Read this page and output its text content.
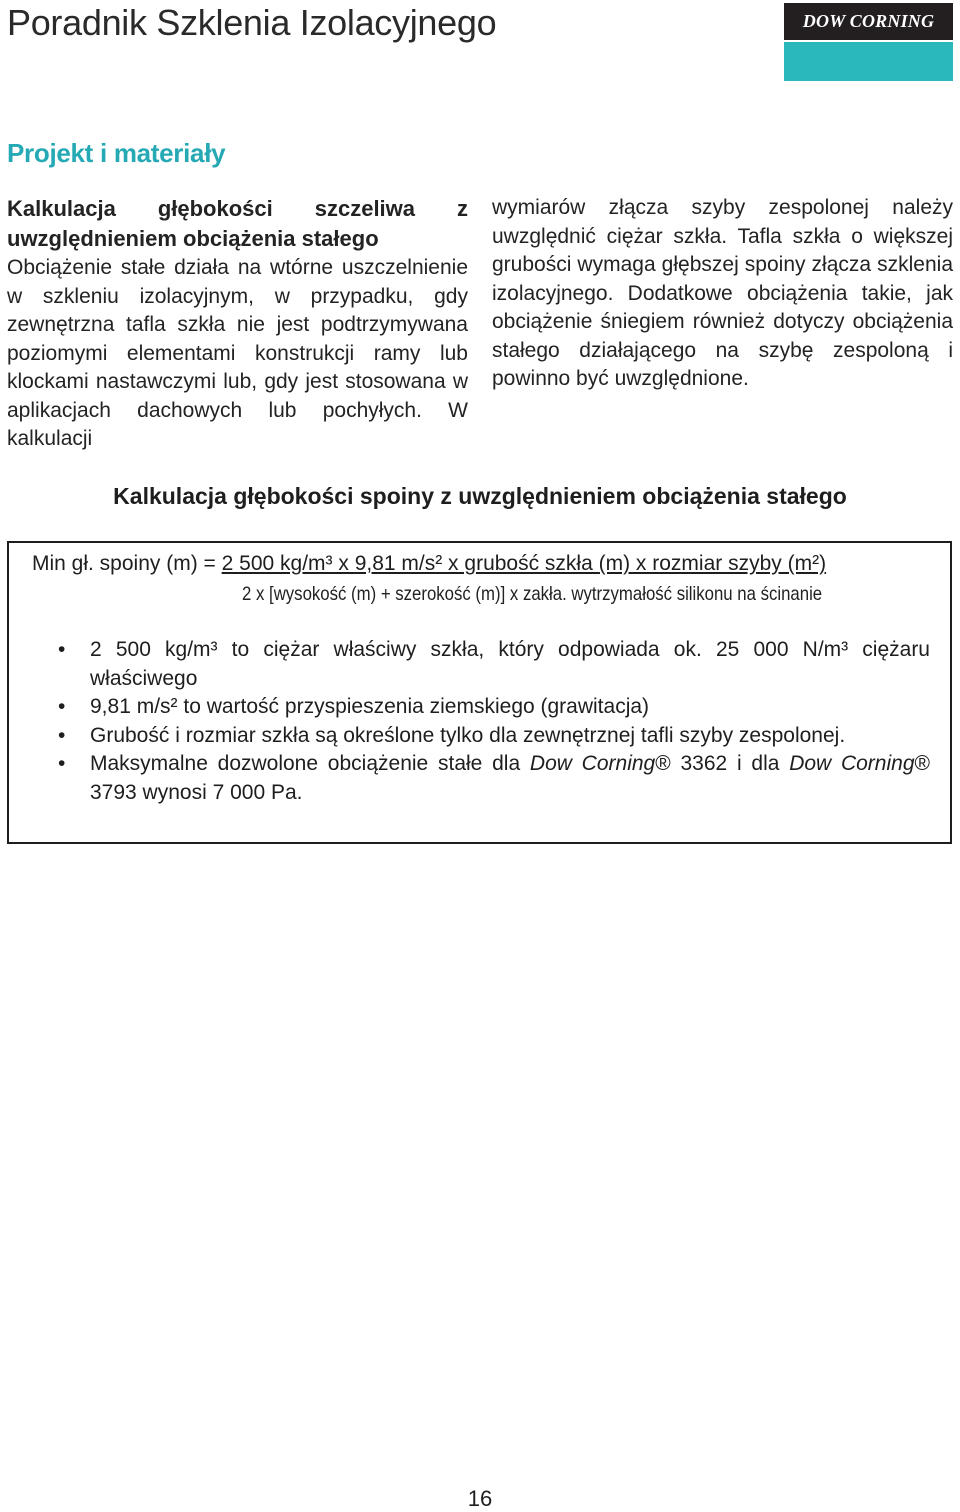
Poradnik Szklenia Izolacyjnego	DOW CORNING
Projekt i materiały
Kalkulacja głębokości szczeliwa z uwzględnieniem obciążenia stałego

Obciążenie stałe działa na wtórne uszczelnienie w szkleniu izolacyjnym, w przypadku, gdy zewnętrzna tafla szkła nie jest podtrzymywana poziomymi elementami konstrukcji ramy lub klockami nastawczymi lub, gdy jest stosowana w aplikacjach dachowych lub pochyłych. W kalkulacji

wymiarów złącza szyby zespolonej należy uwzględnić ciężar szkła. Tafla szkła o większej grubości wymaga głębszej spoiny złącza szklenia izolacyjnego. Dodatkowe obciążenia takie, jak obciążenie śniegiem również dotyczy obciążenia stałego działającego na szybę zespoloną i powinno być uwzględnione.

Kalkulacja głębokości spoiny z uwzględnieniem obciążenia stałego
Min gł. spoiny (m) = 2 500 kg/m³ x 9,81 m/s² x grubość szkła (m) x rozmiar szyby (m²)
2 x [wysokość (m) + szerokość (m)] x zakła. wytrzymałość silikonu na ścinanie
• 2 500 kg/m³ to ciężar właściwy szkła, który odpowiada ok. 25 000 N/m³ ciężaru właściwego
• 9,81 m/s² to wartość przyspieszenia ziemskiego (grawitacja)
• Grubość i rozmiar szkła są określone tylko dla zewnętrznej tafli szyby zespolonej.
• Maksymalne dozwolone obciążenie stałe dla Dow Corning® 3362 i dla Dow Corning® 3793 wynosi 7 000 Pa.
16
